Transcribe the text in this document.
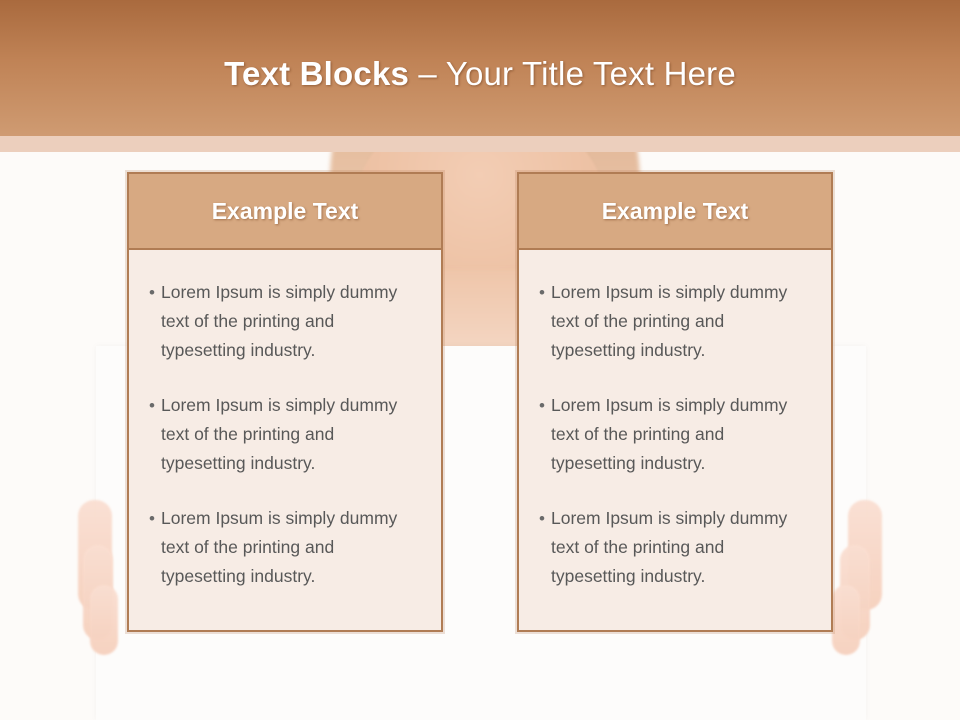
Text Blocks – Your Title Text Here
Example Text
• Lorem Ipsum is simply dummy text of the printing and typesetting industry.
• Lorem Ipsum is simply dummy text of the printing and typesetting industry.
• Lorem Ipsum is simply dummy text of the printing and typesetting industry.
Example Text
• Lorem Ipsum is simply dummy text of the printing and typesetting industry.
• Lorem Ipsum is simply dummy text of the printing and typesetting industry.
• Lorem Ipsum is simply dummy text of the printing and typesetting industry.
